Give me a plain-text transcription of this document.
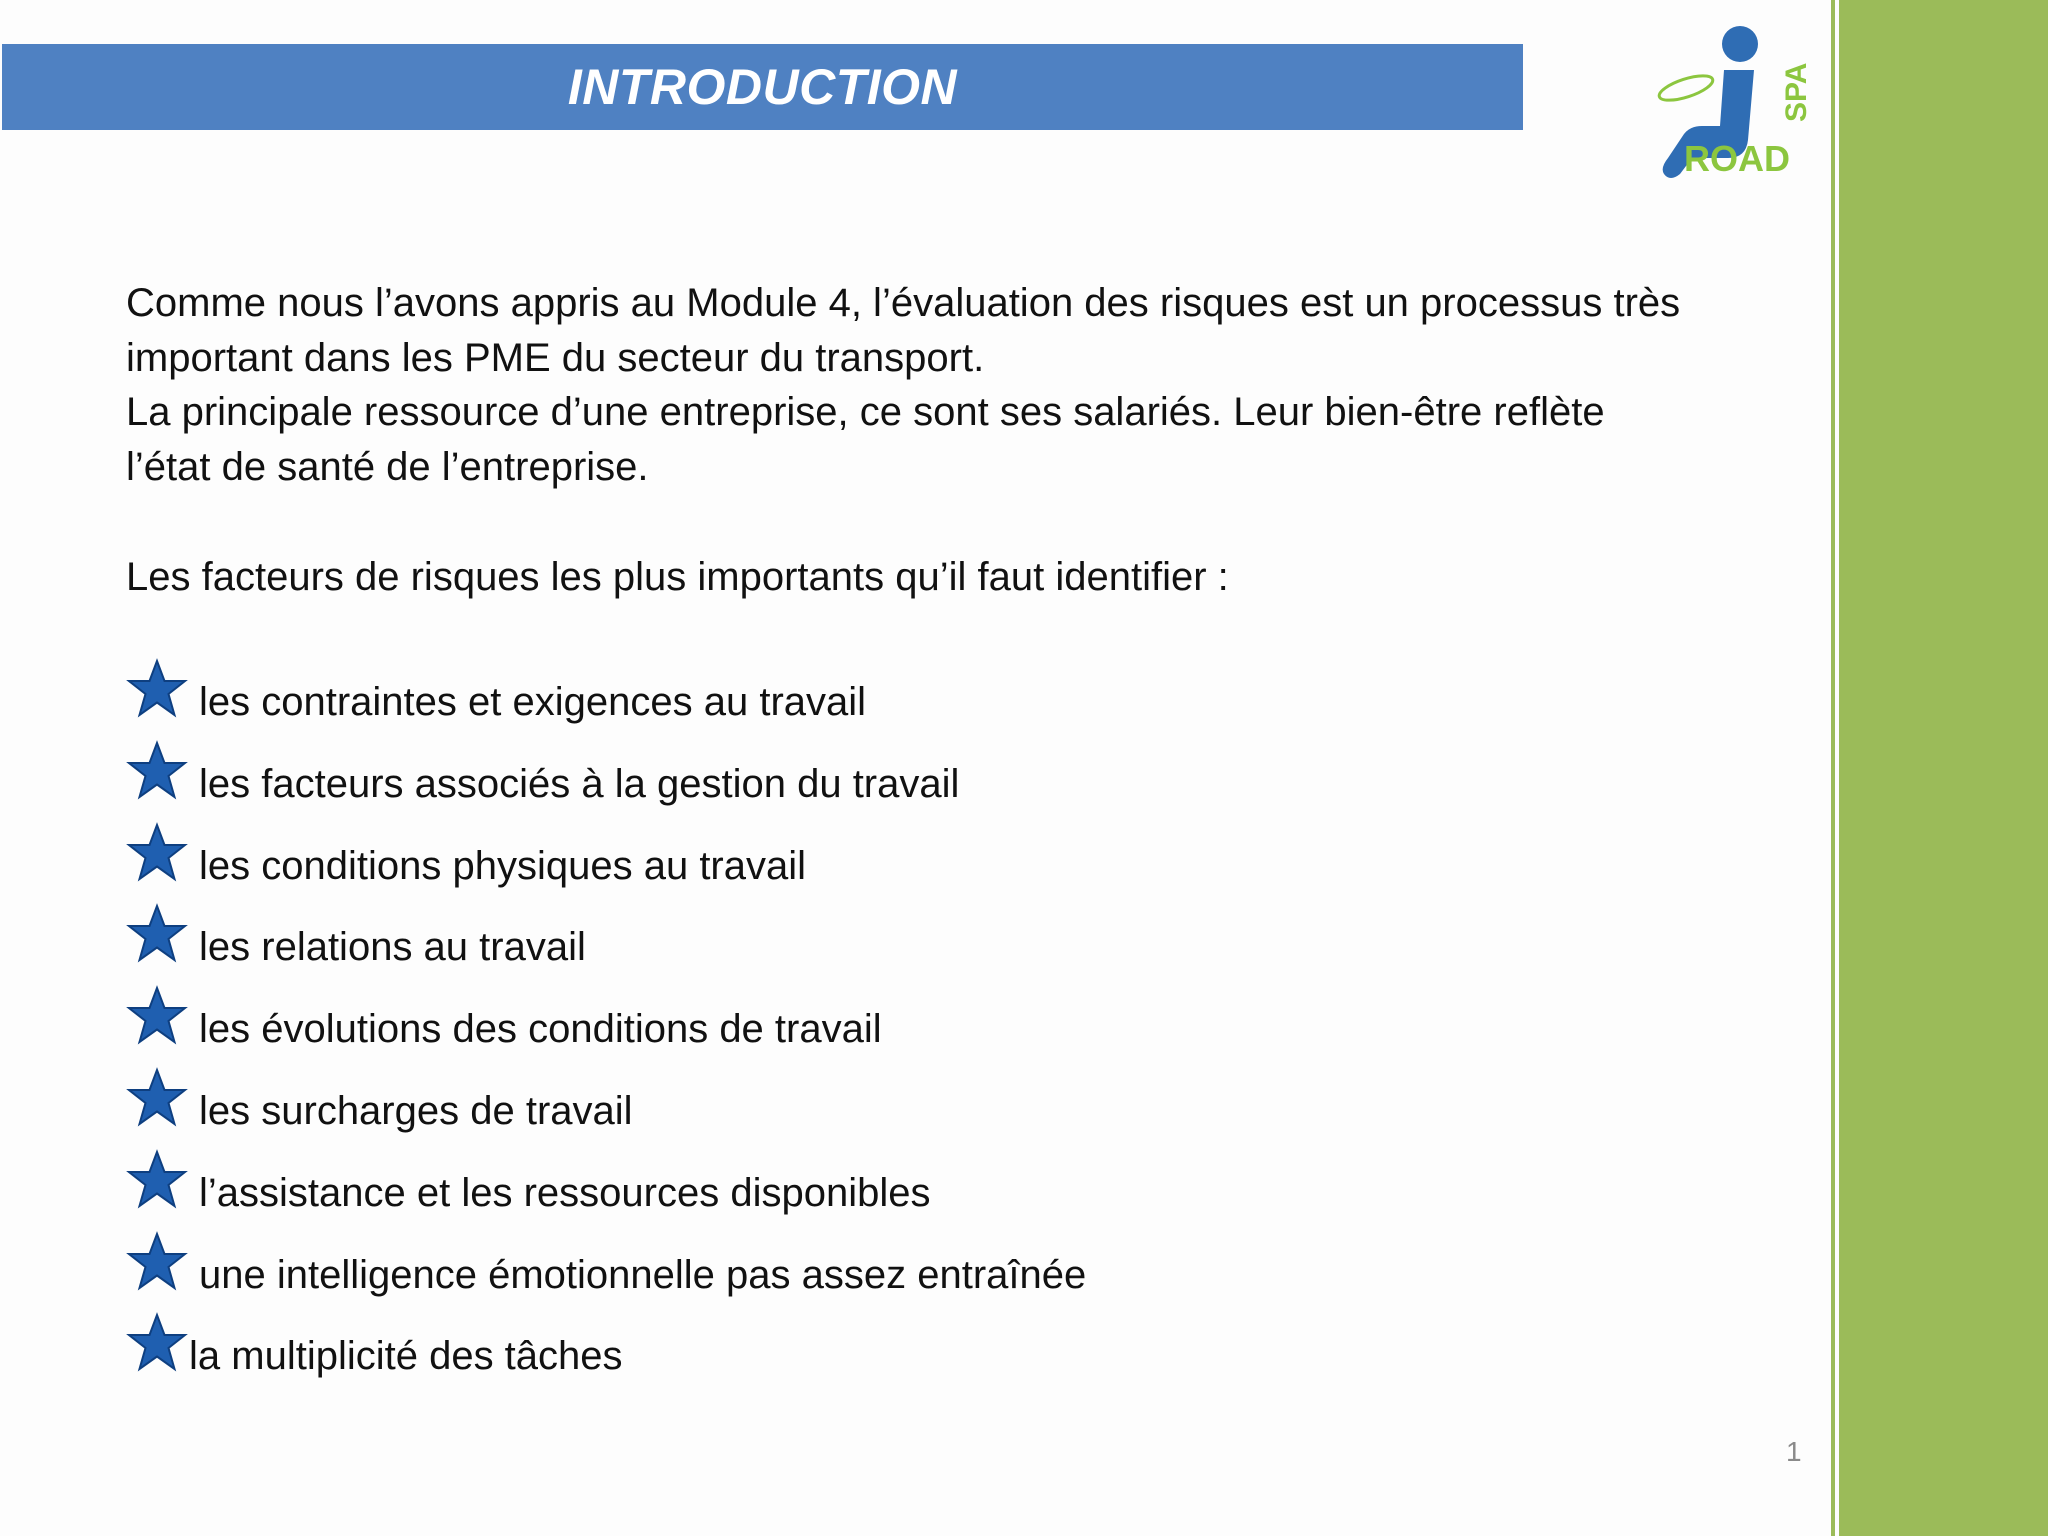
INTRODUCTION	SPA
ROAD

Comme nous l’avons appris au Module 4, l’évaluation des risques est un processus très important dans les PME du secteur du transport.

La principale ressource d’une entreprise, ce sont ses salariés. Leur bien-être reflète l’état de santé de l’entreprise.

Les facteurs de risques les plus importants qu’il faut identifier :
les contraintes et exigences au travail
les facteurs associés à la gestion du travail
les conditions physiques au travail
les relations au travail
les évolutions des conditions de travail
les surcharges de travail
l’assistance et les ressources disponibles
une intelligence émotionnelle pas assez entraînée
la multiplicité des tâches
1
